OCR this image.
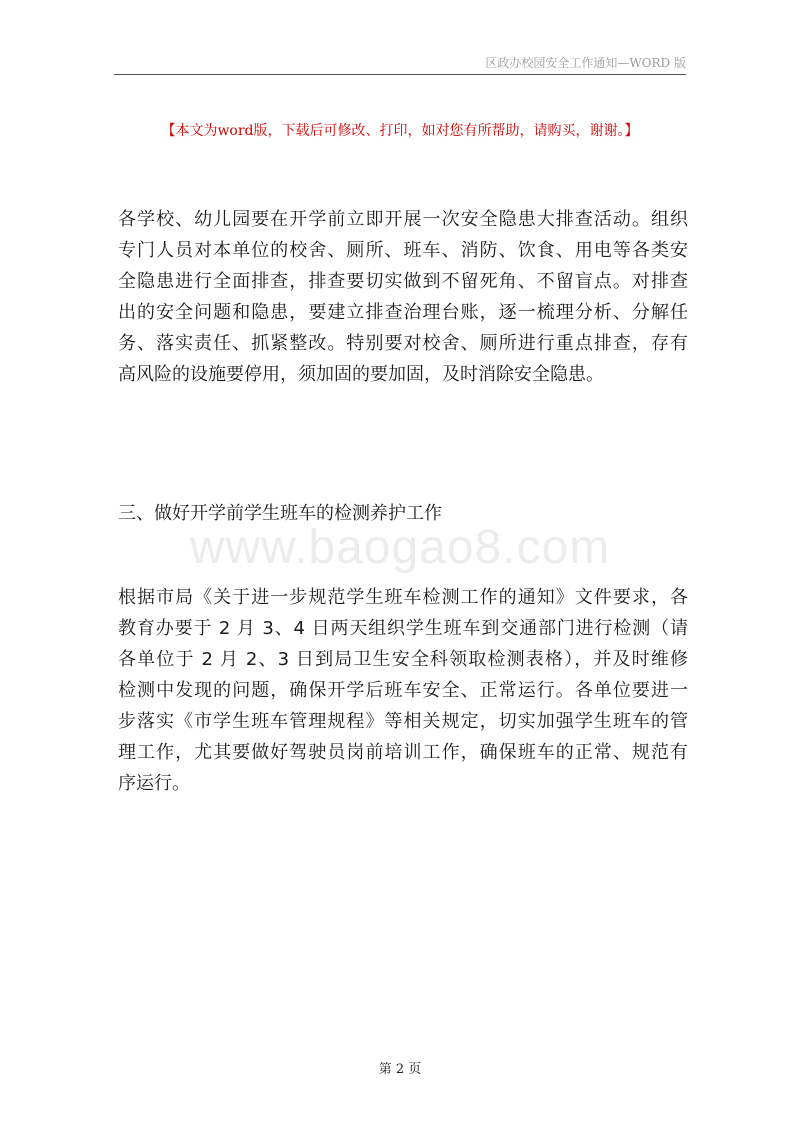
区政办校园安全工作通知—WORD 版
【本文为word版，下载后可修改、打印，如对您有所帮助，请购买，谢谢。】
www.baogao8.com
各学校、幼儿园要在开学前立即开展一次安全隐患大排查活动。组织
专门人员对本单位的校舍、厕所、班车、消防、饮食、用电等各类安
全隐患进行全面排查，排查要切实做到不留死角、不留盲点。对排查
出的安全问题和隐患，要建立排查治理台账，逐一梳理分析、分解任
务、落实责任、抓紧整改。特别要对校舍、厕所进行重点排查，存有
高风险的设施要停用，须加固的要加固，及时消除安全隐患。
三、做好开学前学生班车的检测养护工作
根据市局《关于进一步规范学生班车检测工作的通知》文件要求，各
教育办要于 2 月 3、4 日两天组织学生班车到交通部门进行检测（请
各单位于 2 月 2、3 日到局卫生安全科领取检测表格），并及时维修
检测中发现的问题，确保开学后班车安全、正常运行。各单位要进一
步落实《市学生班车管理规程》等相关规定，切实加强学生班车的管
理工作，尤其要做好驾驶员岗前培训工作，确保班车的正常、规范有
序运行。
第 2 页
